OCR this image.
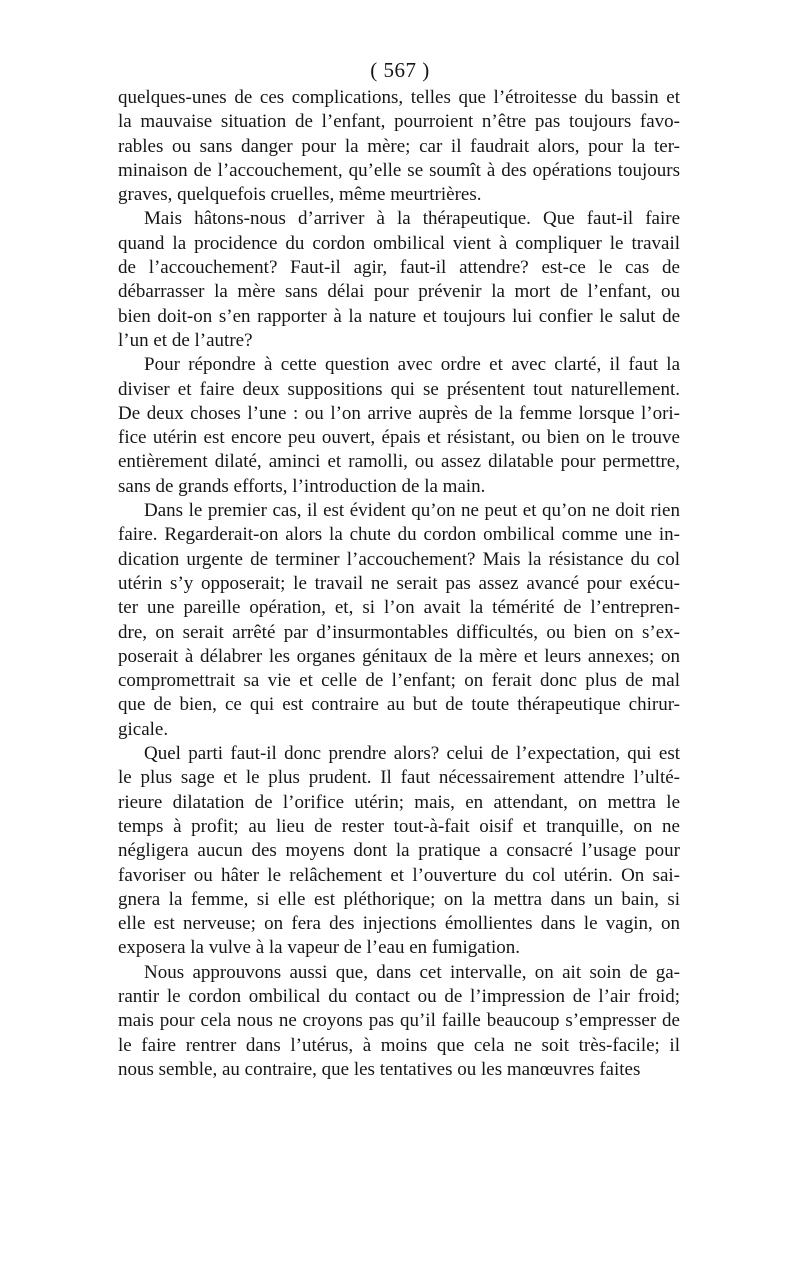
( 567 )
quelques-unes de ces complications, telles que l’étroitesse du bassin et
la mauvaise situation de l’enfant, pourroient n’être pas toujours favo-
rables ou sans danger pour la mère; car il faudrait alors, pour la ter-
minaison de l’accouchement, qu’elle se soumît à des opérations toujours
graves, quelquefois cruelles, même meurtrières.
Mais hâtons-nous d’arriver à la thérapeutique. Que faut-il faire
quand la procidence du cordon ombilical vient à compliquer le travail
de l’accouchement? Faut-il agir, faut-il attendre? est-ce le cas de
débarrasser la mère sans délai pour prévenir la mort de l’enfant, ou
bien doit-on s’en rapporter à la nature et toujours lui confier le salut de
l’un et de l’autre?
Pour répondre à cette question avec ordre et avec clarté, il faut la
diviser et faire deux suppositions qui se présentent tout naturellement.
De deux choses l’une : ou l’on arrive auprès de la femme lorsque l’ori-
fice utérin est encore peu ouvert, épais et résistant, ou bien on le trouve
entièrement dilaté, aminci et ramolli, ou assez dilatable pour permettre,
sans de grands efforts, l’introduction de la main.
Dans le premier cas, il est évident qu’on ne peut et qu’on ne doit rien
faire. Regarderait-on alors la chute du cordon ombilical comme une in-
dication urgente de terminer l’accouchement? Mais la résistance du col
utérin s’y opposerait; le travail ne serait pas assez avancé pour exécu-
ter une pareille opération, et, si l’on avait la témérité de l’entrepren-
dre, on serait arrêté par d’insurmontables difficultés, ou bien on s’ex-
poserait à délabrer les organes génitaux de la mère et leurs annexes; on
compromettrait sa vie et celle de l’enfant; on ferait donc plus de mal
que de bien, ce qui est contraire au but de toute thérapeutique chirur-
gicale.
Quel parti faut-il donc prendre alors? celui de l’expectation, qui est
le plus sage et le plus prudent. Il faut nécessairement attendre l’ulté-
rieure dilatation de l’orifice utérin; mais, en attendant, on mettra le
temps à profit; au lieu de rester tout-à-fait oisif et tranquille, on ne
négligera aucun des moyens dont la pratique a consacré l’usage pour
favoriser ou hâter le relâchement et l’ouverture du col utérin. On sai-
gnera la femme, si elle est pléthorique; on la mettra dans un bain, si
elle est nerveuse; on fera des injections émollientes dans le vagin, on
exposera la vulve à la vapeur de l’eau en fumigation.
Nous approuvons aussi que, dans cet intervalle, on ait soin de ga-
rantir le cordon ombilical du contact ou de l’impression de l’air froid;
mais pour cela nous ne croyons pas qu’il faille beaucoup s’empresser de
le faire rentrer dans l’utérus, à moins que cela ne soit très-facile; il
nous semble, au contraire, que les tentatives ou les manœuvres faites
